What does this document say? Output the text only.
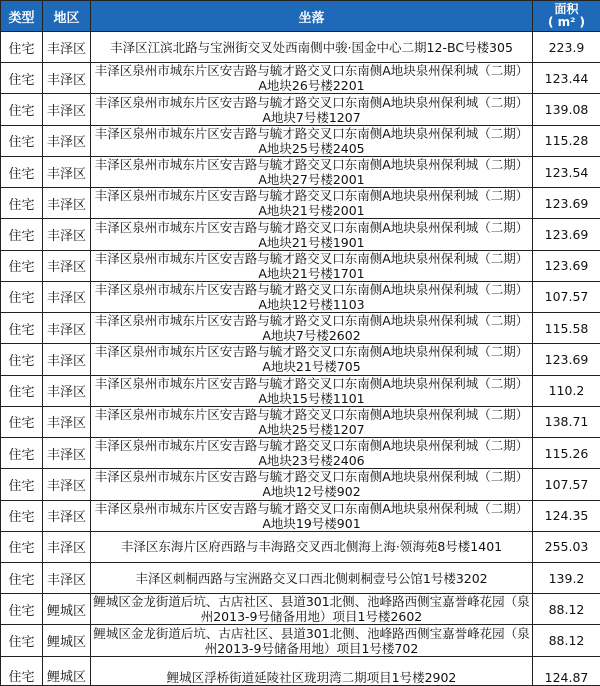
类型	地区	坐落	面积
( m² )
住宅	丰泽区	丰泽区江滨北路与宝洲街交叉处西南侧中骏·国金中心二期12-BC号楼305	223.9
住宅	丰泽区	丰泽区泉州市城东片区安吉路与毓才路交叉口东南侧A地块泉州保利城（二期）A地块26号楼2201	123.44
住宅	丰泽区	丰泽区泉州市城东片区安吉路与毓才路交叉口东南侧A地块泉州保利城（二期）A地块7号楼1207	139.08
住宅	丰泽区	丰泽区泉州市城东片区安吉路与毓才路交叉口东南侧A地块泉州保利城（二期）A地块25号楼2405	115.28
住宅	丰泽区	丰泽区泉州市城东片区安吉路与毓才路交叉口东南侧A地块泉州保利城（二期）A地块27号楼2001	123.54
住宅	丰泽区	丰泽区泉州市城东片区安吉路与毓才路交叉口东南侧A地块泉州保利城（二期）A地块21号楼2001	123.69
住宅	丰泽区	丰泽区泉州市城东片区安吉路与毓才路交叉口东南侧A地块泉州保利城（二期）A地块21号楼1901	123.69
住宅	丰泽区	丰泽区泉州市城东片区安吉路与毓才路交叉口东南侧A地块泉州保利城（二期）A地块21号楼1701	123.69
住宅	丰泽区	丰泽区泉州市城东片区安吉路与毓才路交叉口东南侧A地块泉州保利城（二期）A地块12号楼1103	107.57
住宅	丰泽区	丰泽区泉州市城东片区安吉路与毓才路交叉口东南侧A地块泉州保利城（二期）A地块7号楼2602	115.58
住宅	丰泽区	丰泽区泉州市城东片区安吉路与毓才路交叉口东南侧A地块泉州保利城（二期）A地块21号楼705	123.69
住宅	丰泽区	丰泽区泉州市城东片区安吉路与毓才路交叉口东南侧A地块泉州保利城（二期）A地块15号楼1101	110.2
住宅	丰泽区	丰泽区泉州市城东片区安吉路与毓才路交叉口东南侧A地块泉州保利城（二期）A地块25号楼1207	138.71
住宅	丰泽区	丰泽区泉州市城东片区安吉路与毓才路交叉口东南侧A地块泉州保利城（二期）A地块23号楼2406	115.26
住宅	丰泽区	丰泽区泉州市城东片区安吉路与毓才路交叉口东南侧A地块泉州保利城（二期）A地块12号楼902	107.57
住宅	丰泽区	丰泽区泉州市城东片区安吉路与毓才路交叉口东南侧A地块泉州保利城（二期）A地块19号楼901	124.35
住宅	丰泽区	丰泽区东海片区府西路与丰海路交叉西北侧海上海·领海苑8号楼1401	255.03
住宅	丰泽区	丰泽区刺桐西路与宝洲路交叉口西北侧刺桐壹号公馆1号楼3202	139.2
住宅	鲤城区	鲤城区金龙街道后坑、古店社区、县道301北侧、池峰路西侧宝嘉誉峰花园（泉州2013-9号储备用地）项目1号楼2602	88.12
住宅	鲤城区	鲤城区金龙街道后坑、古店社区、县道301北侧、池峰路西侧宝嘉誉峰花园（泉州2013-9号储备用地）项目1号楼702	88.12
住宅	鲤城区	鲤城区浮桥街道延陵社区珑玥湾二期项目1号楼2902	124.87
